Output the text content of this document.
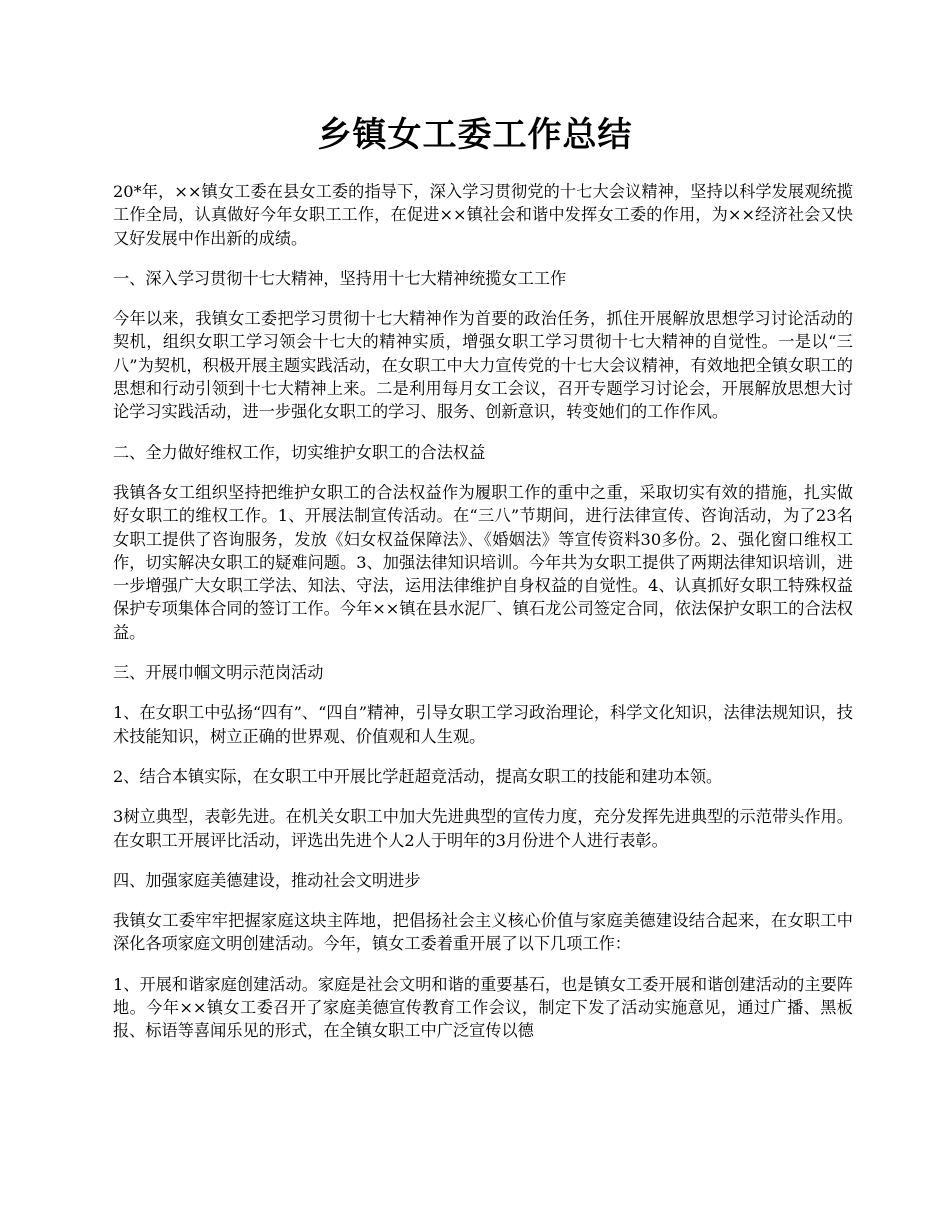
乡镇女工委工作总结

20*年，××镇女工委在县女工委的指导下，深入学习贯彻党的十七大会议精神，坚持以科学发展观统揽工作全局，认真做好今年女职工工作，在促进××镇社会和谐中发挥女工委的作用，为××经济社会又快又好发展中作出新的成绩。

一、深入学习贯彻十七大精神，坚持用十七大精神统揽女工工作

今年以来，我镇女工委把学习贯彻十七大精神作为首要的政治任务，抓住开展解放思想学习讨论活动的契机，组织女职工学习领会十七大的精神实质，增强女职工学习贯彻十七大精神的自觉性。一是以“三八”为契机，积极开展主题实践活动，在女职工中大力宣传党的十七大会议精神，有效地把全镇女职工的思想和行动引领到十七大精神上来。二是利用每月女工会议，召开专题学习讨论会，开展解放思想大讨论学习实践活动，进一步强化女职工的学习、服务、创新意识，转变她们的工作作风。

二、全力做好维权工作，切实维护女职工的合法权益

我镇各女工组织坚持把维护女职工的合法权益作为履职工作的重中之重，采取切实有效的措施，扎实做好女职工的维权工作。1、开展法制宣传活动。在“三八”节期间，进行法律宣传、咨询活动，为了23名女职工提供了咨询服务，发放《妇女权益保障法》、《婚姻法》等宣传资料30多份。2、强化窗口维权工作，切实解决女职工的疑难问题。3、加强法律知识培训。今年共为女职工提供了两期法律知识培训，进一步增强广大女职工学法、知法、守法，运用法律维护自身权益的自觉性。4、认真抓好女职工特殊权益保护专项集体合同的签订工作。今年××镇在县水泥厂、镇石龙公司签定合同，依法保护女职工的合法权益。

三、开展巾帼文明示范岗活动

1、在女职工中弘扬“四有”、“四自”精神，引导女职工学习政治理论，科学文化知识，法律法规知识，技术技能知识，树立正确的世界观、价值观和人生观。

2、结合本镇实际，在女职工中开展比学赶超竞活动，提高女职工的技能和建功本领。

3树立典型，表彰先进。在机关女职工中加大先进典型的宣传力度，充分发挥先进典型的示范带头作用。在女职工开展评比活动，评选出先进个人2人于明年的3月份进个人进行表彰。

四、加强家庭美德建设，推动社会文明进步

我镇女工委牢牢把握家庭这块主阵地，把倡扬社会主义核心价值与家庭美德建设结合起来，在女职工中深化各项家庭文明创建活动。今年，镇女工委着重开展了以下几项工作：

1、开展和谐家庭创建活动。家庭是社会文明和谐的重要基石，也是镇女工委开展和谐创建活动的主要阵地。今年××镇女工委召开了家庭美德宣传教育工作会议，制定下发了活动实施意见，通过广播、黑板报、标语等喜闻乐见的形式，在全镇女职工中广泛宣传以德
